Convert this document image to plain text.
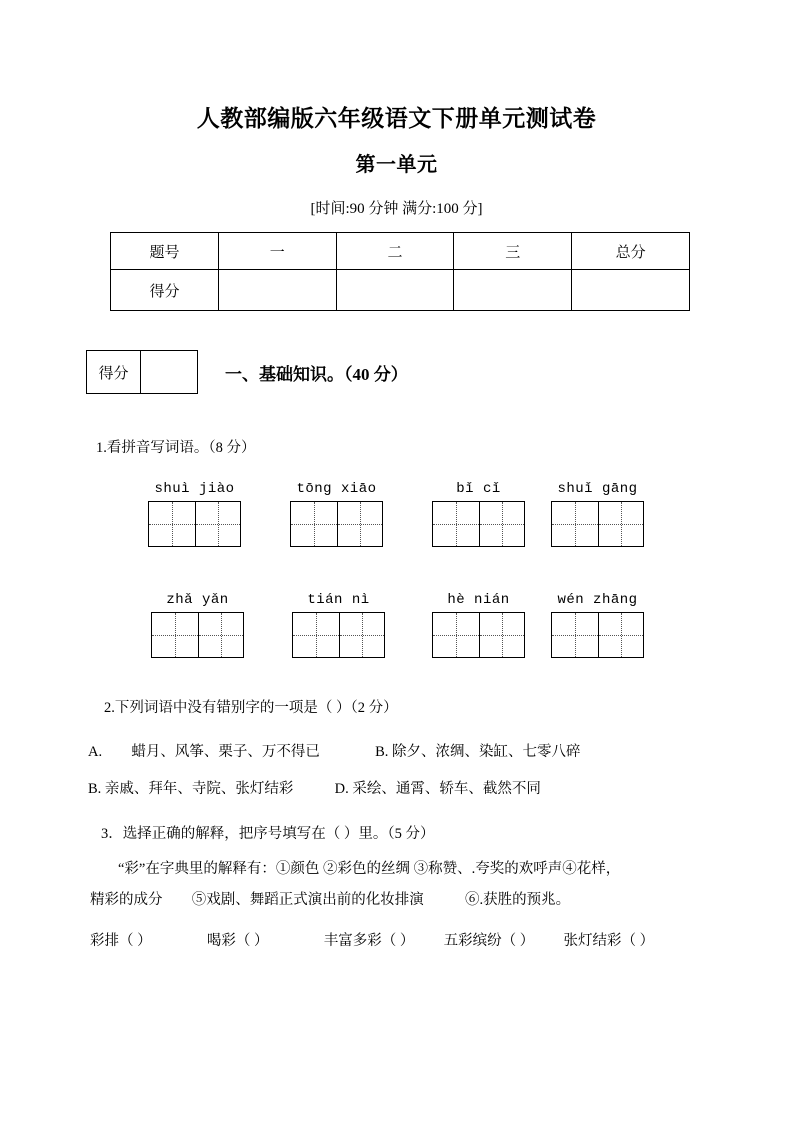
人教部编版六年级语文下册单元测试卷
第一单元
[时间:90 分钟 满分:100 分]
题号	一	二	三	总分
得分				
得分	一、基础知识。（40 分）
1.看拼音写词语。（8 分）
shuì jiào	tōng xiāo	bǐ cǐ	shuǐ gāng
zhǎ yǎn	tián nì	hè nián	wén zhāng
2.下列词语中没有错别字的一项是（ ）（2 分）
A. 蜡月、风筝、栗子、万不得已	B. 除夕、浓绸、染缸、七零八碎
B. 亲戚、拜年、寺院、张灯结彩	D. 采绘、通霄、轿车、截然不同
3．选择正确的解释，把序号填写在（ ）里。（5 分）
“彩”在字典里的解释有：①颜色 ②彩色的丝绸 ③称赞、.夸奖的欢呼声④花样，
精彩的成分 ⑤戏剧、舞蹈正式演出前的化妆排演	⑥.获胜的预兆。
彩排（ ）	喝彩（ ）	丰富多彩（ ） 五彩缤纷（ ） 张灯结彩（ ）
